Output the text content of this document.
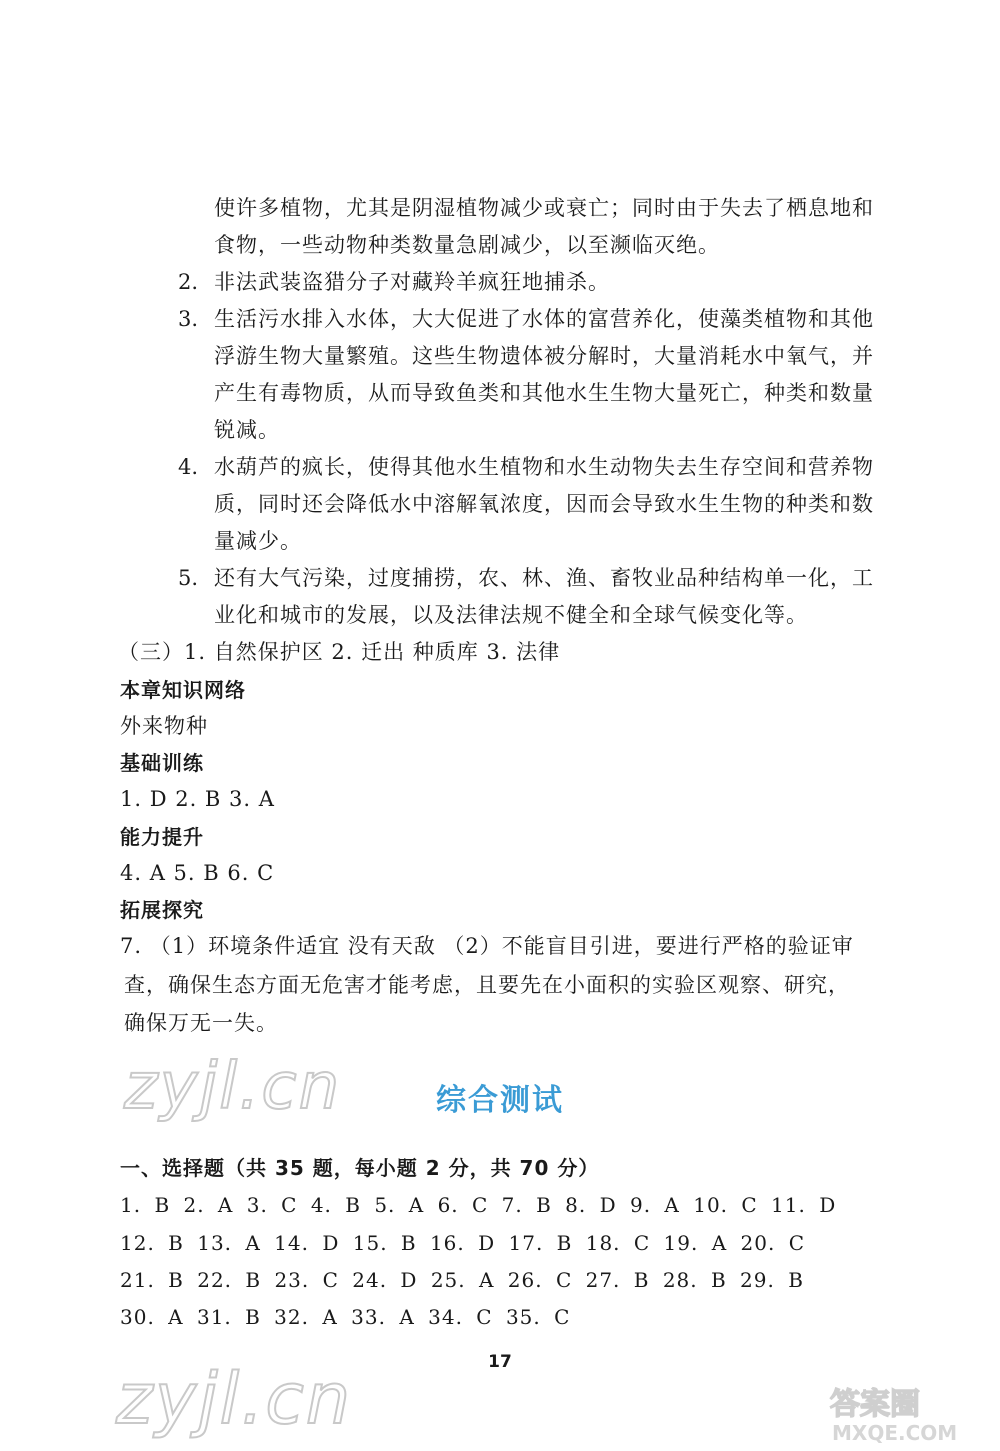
使许多植物，尤其是阴湿植物减少或衰亡；同时由于失去了栖息地和
食物，一些动物种类数量急剧减少，以至濒临灭绝。
2. 非法武装盗猎分子对藏羚羊疯狂地捕杀。
3. 生活污水排入水体，大大促进了水体的富营养化，使藻类植物和其他
浮游生物大量繁殖。这些生物遗体被分解时，大量消耗水中氧气，并
产生有毒物质，从而导致鱼类和其他水生生物大量死亡，种类和数量
锐减。
4. 水葫芦的疯长，使得其他水生植物和水生动物失去生存空间和营养物
质，同时还会降低水中溶解氧浓度，因而会导致水生生物的种类和数
量减少。
5. 还有大气污染，过度捕捞，农、林、渔、畜牧业品种结构单一化，工
业化和城市的发展，以及法律法规不健全和全球气候变化等。
（三）1. 自然保护区 2. 迁出 种质库 3. 法律
本章知识网络
外来物种
基础训练
1. D 2. B 3. A
能力提升
4. A 5. B 6. C
拓展探究
7. （1）环境条件适宜 没有天敌 （2）不能盲目引进，要进行严格的验证审
查，确保生态方面无危害才能考虑，且要先在小面积的实验区观察、研究，
确保万无一失。
zyjl.cn	综合测试
一、选择题（共 35 题，每小题 2 分，共 70 分）
1. B 2. A 3. C 4. B 5. A 6. C 7. B 8. D 9. A 10. C 11. D
12. B 13. A 14. D 15. B 16. D 17. B 18. C 19. A 20. C
21. B 22. B 23. C 24. D 25. A 26. C 27. B 28. B 29. B
30. A 31. B 32. A 33. A 34. C 35. C
17
zyjl.cn	答案圈
MXQE.COM
